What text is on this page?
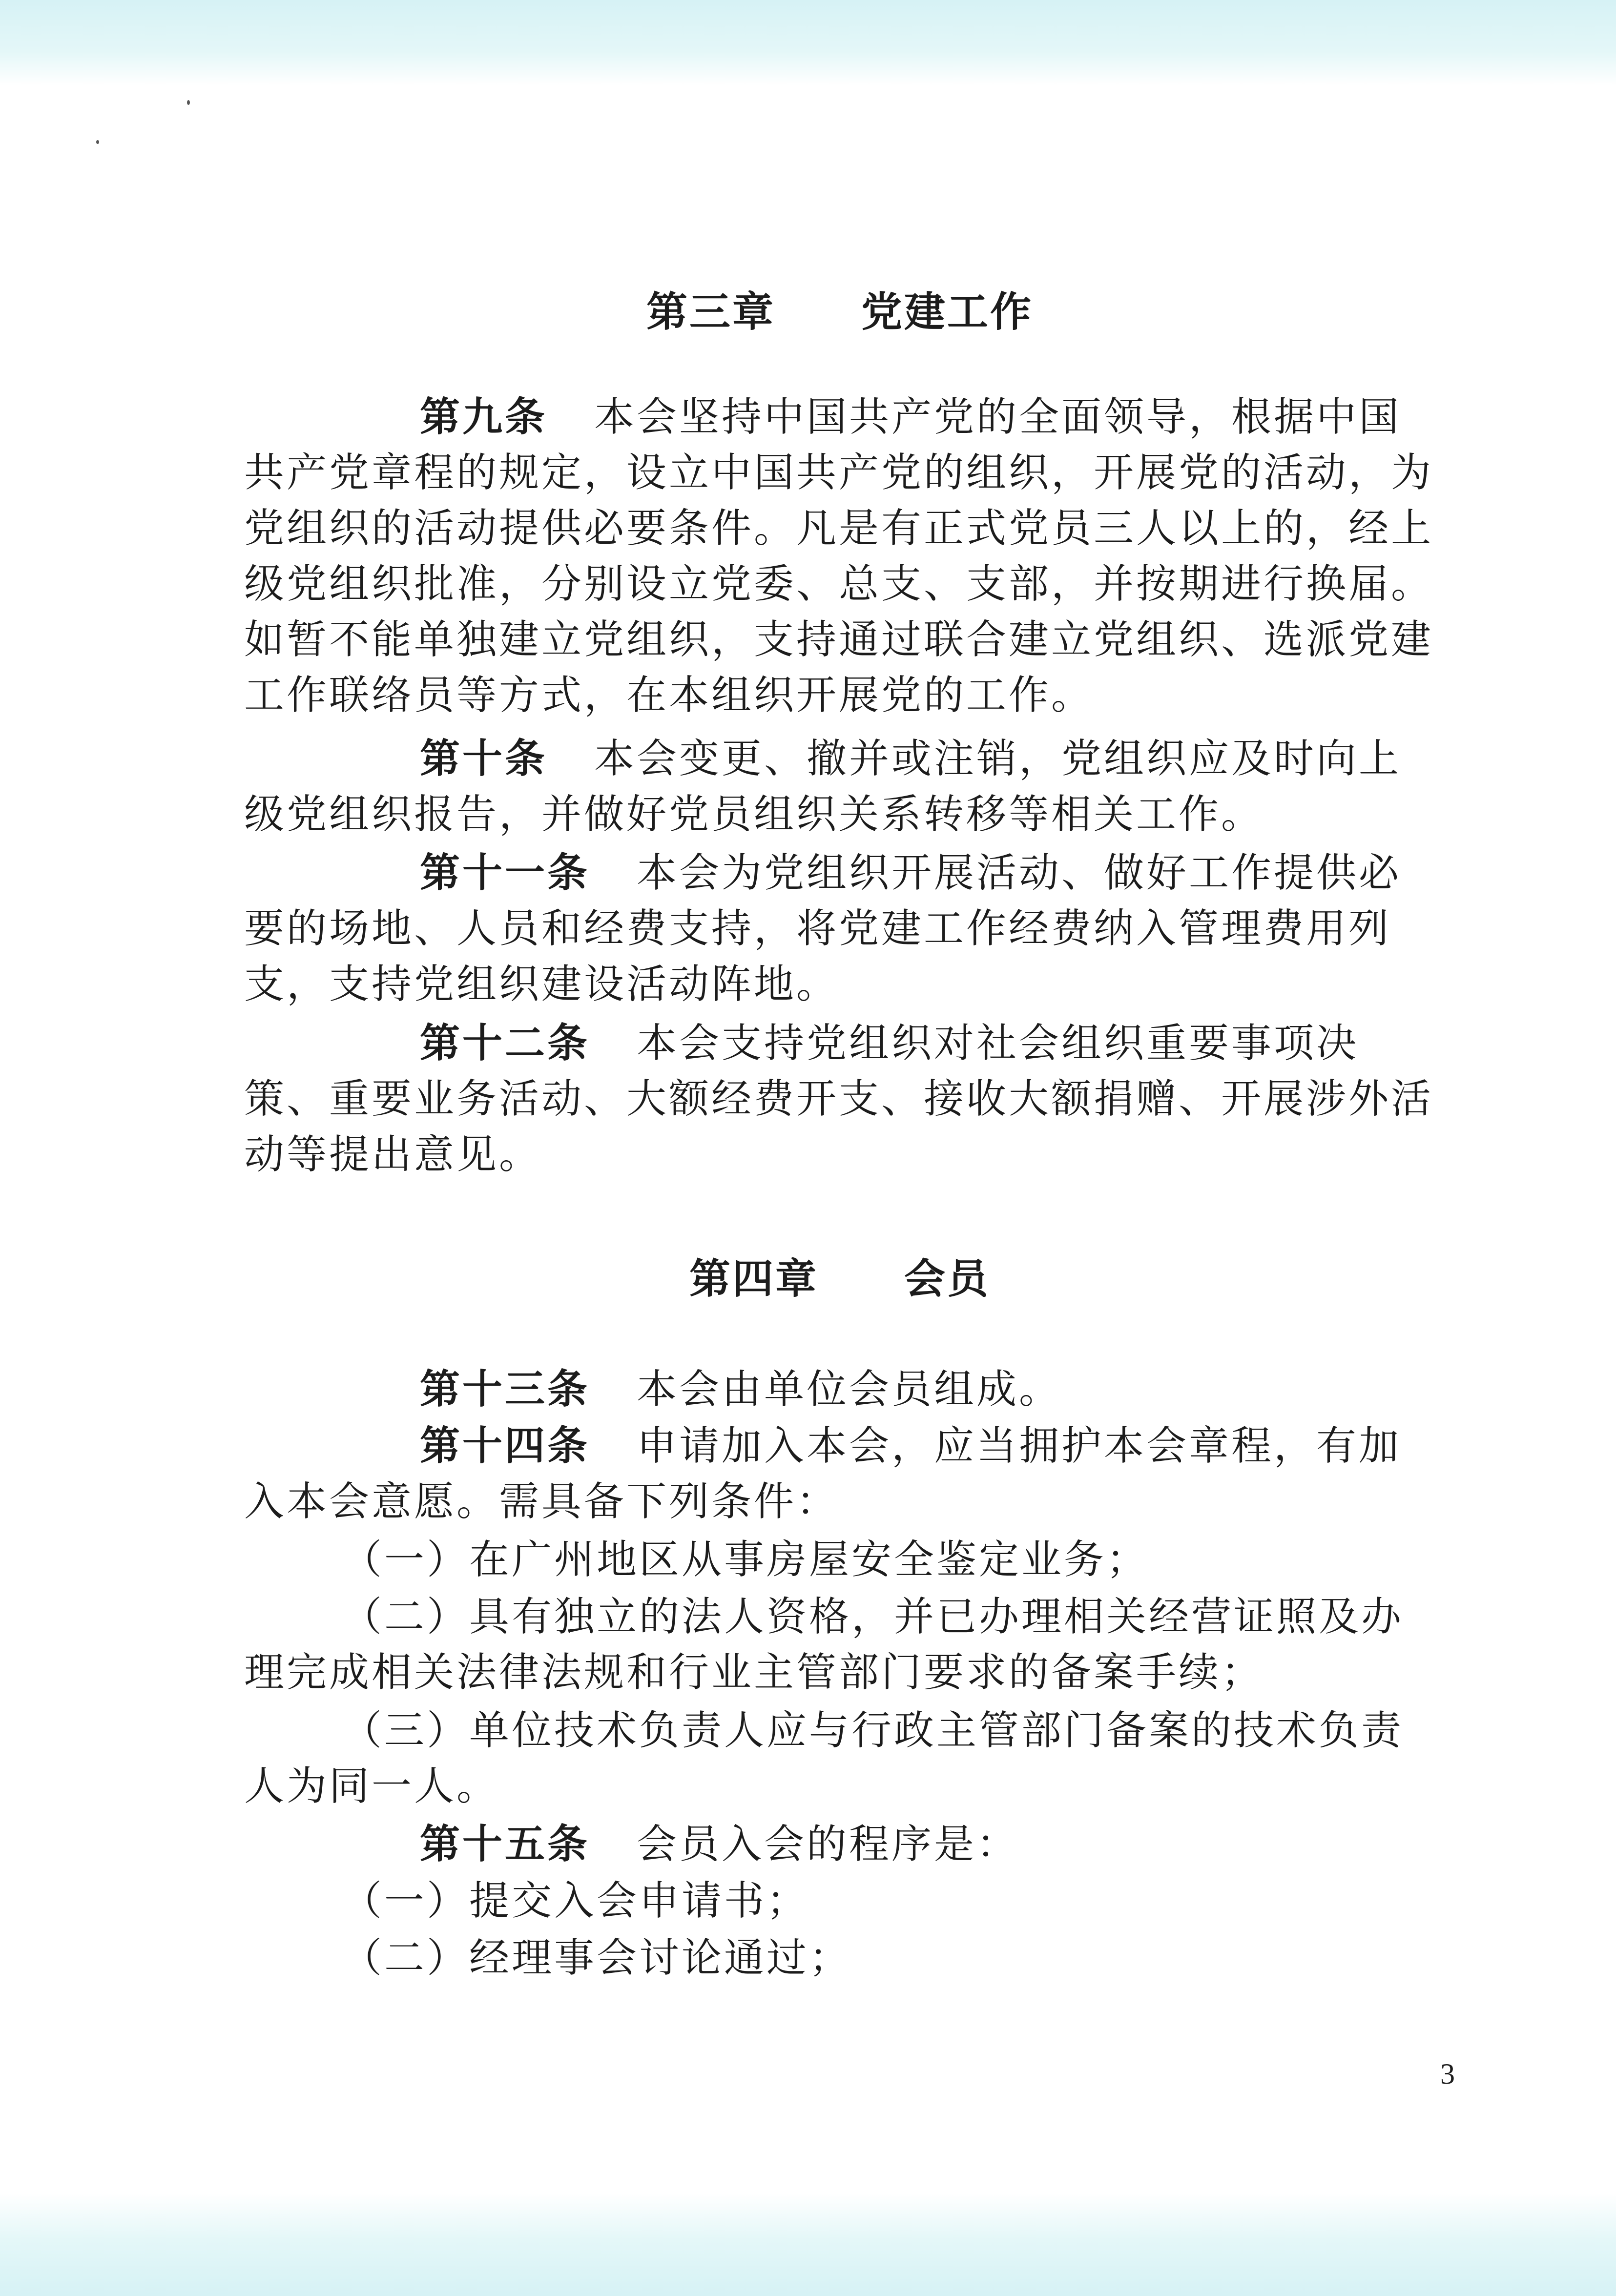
第三章　　党建工作
第九条 本会坚持中国共产党的全面领导，根据中国共产党章程的规定，设立中国共产党的组织，开展党的活动，为党组织的活动提供必要条件。凡是有正式党员三人以上的，经上级党组织批准，分别设立党委、总支、支部，并按期进行换届。如暂不能单独建立党组织，支持通过联合建立党组织、选派党建工作联络员等方式，在本组织开展党的工作。
第十条 本会变更、撤并或注销，党组织应及时向上级党组织报告，并做好党员组织关系转移等相关工作。
第十一条 本会为党组织开展活动、做好工作提供必要的场地、人员和经费支持，将党建工作经费纳入管理费用列支，支持党组织建设活动阵地。
第十二条 本会支持党组织对社会组织重要事项决策、重要业务活动、大额经费开支、接收大额捐赠、开展涉外活动等提出意见。
第四章　　会员
第十三条 本会由单位会员组成。
第十四条 申请加入本会，应当拥护本会章程，有加入本会意愿。需具备下列条件：
（一）在广州地区从事房屋安全鉴定业务；
（二）具有独立的法人资格，并已办理相关经营证照及办理完成相关法律法规和行业主管部门要求的备案手续；
（三）单位技术负责人应与行政主管部门备案的技术负责人为同一人。
第十五条 会员入会的程序是：
（一）提交入会申请书；
（二）经理事会讨论通过；
3
